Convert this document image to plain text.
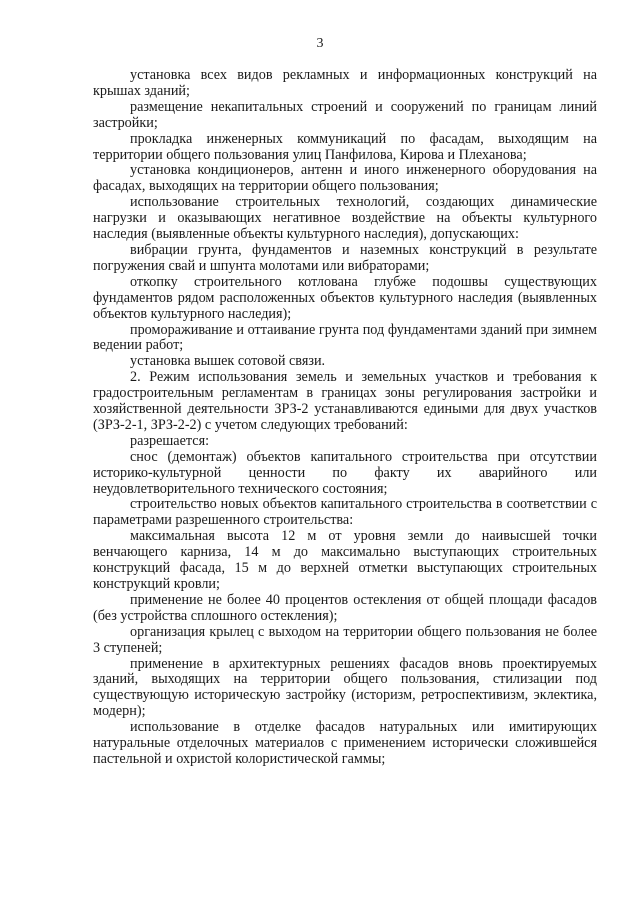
3

установка всех видов рекламных и информационных конструкций на крышах зданий;

размещение некапитальных строений и сооружений по границам линий застройки;

прокладка инженерных коммуникаций по фасадам, выходящим на территории общего пользования улиц Панфилова, Кирова и Плеханова;

установка кондиционеров, антенн и иного инженерного оборудования на фасадах, выходящих на территории общего пользования;

использование строительных технологий, создающих динамические нагрузки и оказывающих негативное воздействие на объекты культурного наследия (выявленные объекты культурного наследия), допускающих:

вибрации грунта, фундаментов и наземных конструкций в результате погружения свай и шпунта молотами или вибраторами;

откопку строительного котлована глубже подошвы существующих фундаментов рядом расположенных объектов культурного наследия (выявленных объектов культурного наследия);

промораживание и оттаивание грунта под фундаментами зданий при зимнем ведении работ;

установка вышек сотовой связи.

2. Режим использования земель и земельных участков и требования к градостроительным регламентам в границах зоны регулирования застройки и хозяйственной деятельности ЗРЗ-2 устанавливаются едиными для двух участков (ЗРЗ-2-1, ЗРЗ-2-2) с учетом следующих требований:

разрешается:

снос (демонтаж) объектов капитального строительства при отсутствии историко-культурной ценности по факту их аварийного или неудовлетворительного технического состояния;

строительство новых объектов капитального строительства в соответствии с параметрами разрешенного строительства:

максимальная высота 12 м от уровня земли до наивысшей точки венчающего карниза, 14 м до максимально выступающих строительных конструкций фасада, 15 м до верхней отметки выступающих строительных конструкций кровли;

применение не более 40 процентов остекления от общей площади фасадов (без устройства сплошного остекления);

организация крылец с выходом на территории общего пользования не более 3 ступеней;

применение в архитектурных решениях фасадов вновь проектируемых зданий, выходящих на территории общего пользования, стилизации под существующую историческую застройку (историзм, ретроспективизм, эклектика, модерн);

использование в отделке фасадов натуральных или имитирующих натуральные отделочных материалов с применением исторически сложившейся пастельной и охристой колористической гаммы;
